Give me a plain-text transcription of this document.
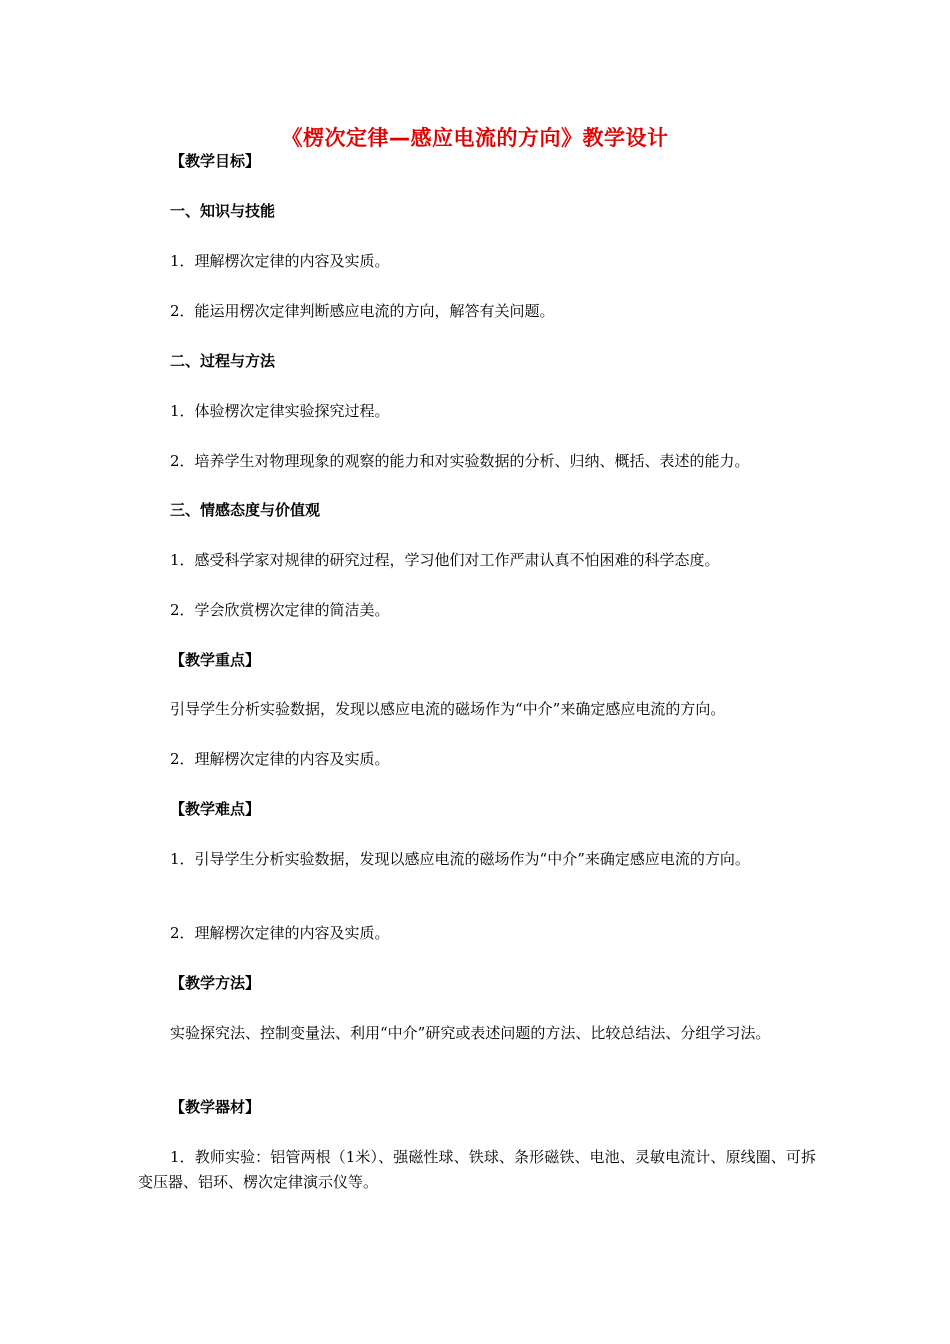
《楞次定律—感应电流的方向》教学设计
【教学目标】
一、知识与技能
1．理解楞次定律的内容及实质。
2．能运用楞次定律判断感应电流的方向，解答有关问题。
二、过程与方法
1．体验楞次定律实验探究过程。
2．培养学生对物理现象的观察的能力和对实验数据的分析、归纳、概括、表述的能力。
三、情感态度与价值观
1．感受科学家对规律的研究过程，学习他们对工作严肃认真不怕困难的科学态度。
2．学会欣赏楞次定律的简洁美。
【教学重点】
引导学生分析实验数据，发现以感应电流的磁场作为“中介”来确定感应电流的方向。
2．理解楞次定律的内容及实质。
【教学难点】
1．引导学生分析实验数据，发现以感应电流的磁场作为“中介”来确定感应电流的方向。
2．理解楞次定律的内容及实质。
【教学方法】
实验探究法、控制变量法、利用“中介”研究或表述问题的方法、比较总结法、分组学习法。
【教学器材】
1．教师实验：铝管两根（1米）、强磁性球、铁球、条形磁铁、电池、灵敏电流计、原线圈、可拆变压器、铝环、楞次定律演示仪等。
